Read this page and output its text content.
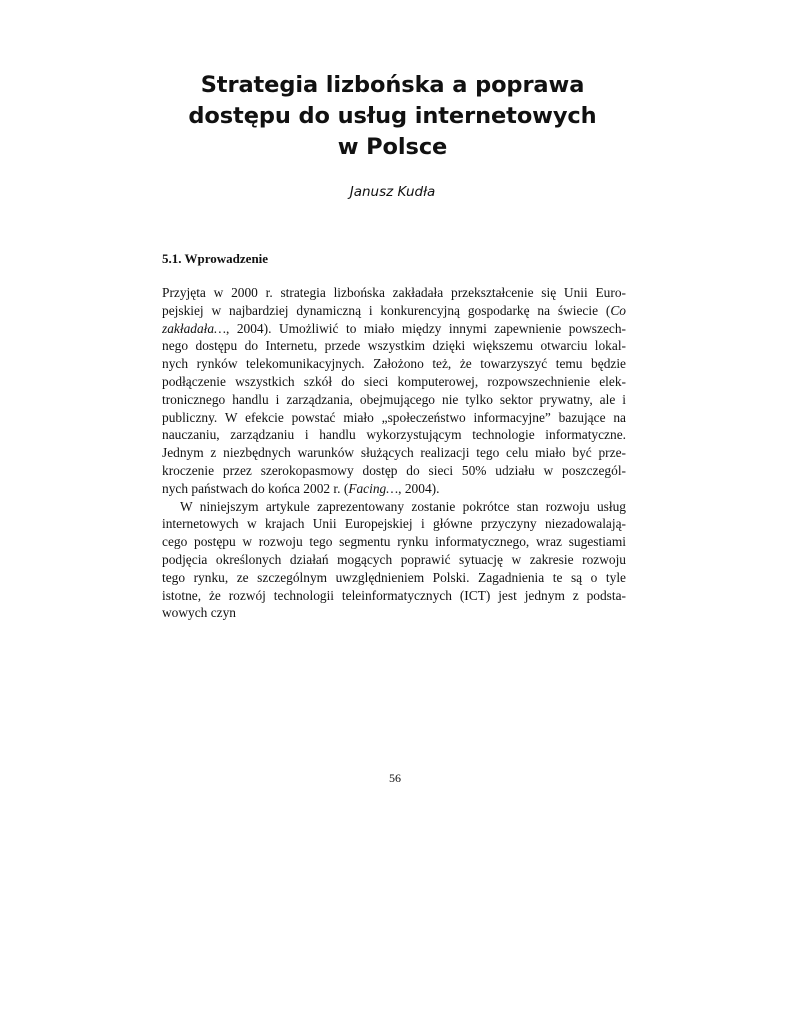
Strategia lizbońska a poprawa
dostępu do usług internetowych
w Polsce

Janusz Kudła

5.1. Wprowadzenie
Przyjęta w 2000 r. strategia lizbońska zakładała przekształcenie się Unii Euro-
pejskiej w najbardziej dynamiczną i konkurencyjną gospodarkę na świecie (Co
zakładała…, 2004). Umożliwić to miało między innymi zapewnienie powszech-
nego dostępu do Internetu, przede wszystkim dzięki większemu otwarciu lokal-
nych rynków telekomunikacyjnych. Założono też, że towarzyszyć temu będzie
podłączenie wszystkich szkół do sieci komputerowej, rozpowszechnienie elek-
tronicznego handlu i zarządzania, obejmującego nie tylko sektor prywatny, ale i
publiczny. W efekcie powstać miało „społeczeństwo informacyjne” bazujące na
nauczaniu, zarządzaniu i handlu wykorzystującym technologie informatyczne.
Jednym z niezbędnych warunków służących realizacji tego celu miało być prze-
kroczenie przez szerokopasmowy dostęp do sieci 50% udziału w poszczegól-
nych państwach do końca 2002 r. (Facing…, 2004).
W niniejszym artykule zaprezentowany zostanie pokrótce stan rozwoju usług
internetowych w krajach Unii Europejskiej i główne przyczyny niezadowalają-
cego postępu w rozwoju tego segmentu rynku informatycznego, wraz sugestiami
podjęcia określonych działań mogących poprawić sytuację w zakresie rozwoju
tego rynku, ze szczególnym uwzględnieniem Polski. Zagadnienia te są o tyle
istotne, że rozwój technologii teleinformatycznych (ICT) jest jednym z podsta-
wowych czyn
56
